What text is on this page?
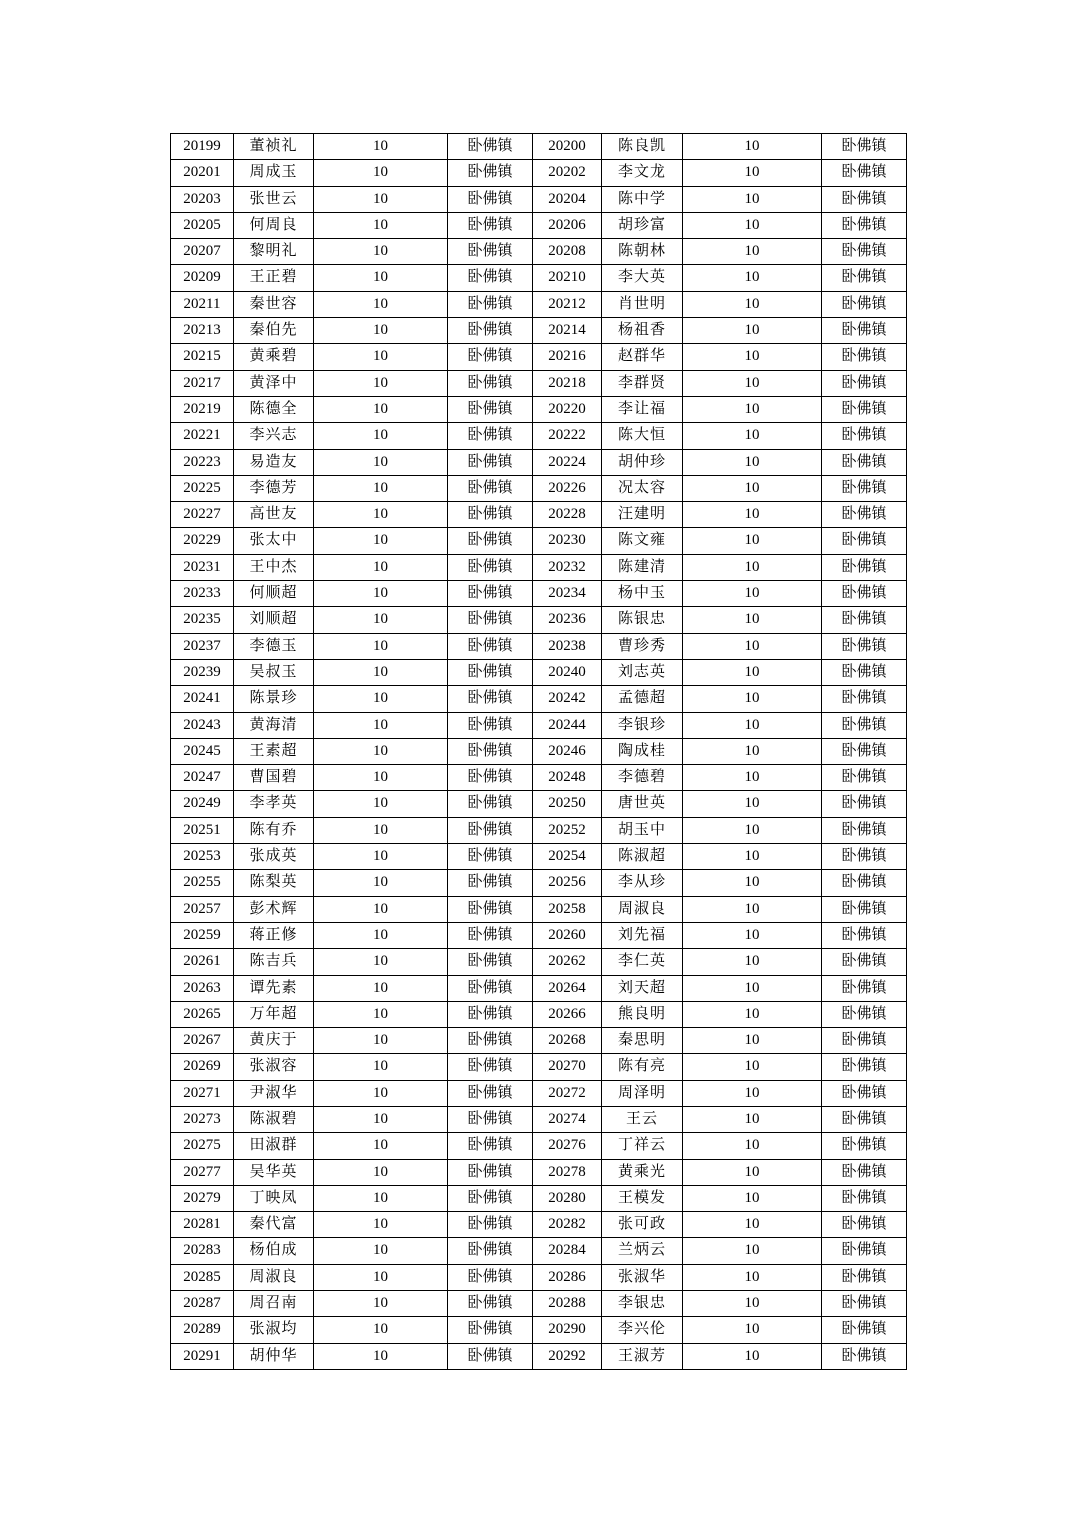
20199	董祯礼	10	卧佛镇	20200	陈良凯	10	卧佛镇
20201	周成玉	10	卧佛镇	20202	李文龙	10	卧佛镇
20203	张世云	10	卧佛镇	20204	陈中学	10	卧佛镇
20205	何周良	10	卧佛镇	20206	胡珍富	10	卧佛镇
20207	黎明礼	10	卧佛镇	20208	陈朝林	10	卧佛镇
20209	王正碧	10	卧佛镇	20210	李大英	10	卧佛镇
20211	秦世容	10	卧佛镇	20212	肖世明	10	卧佛镇
20213	秦伯先	10	卧佛镇	20214	杨祖香	10	卧佛镇
20215	黄乘碧	10	卧佛镇	20216	赵群华	10	卧佛镇
20217	黄泽中	10	卧佛镇	20218	李群贤	10	卧佛镇
20219	陈德全	10	卧佛镇	20220	李让福	10	卧佛镇
20221	李兴志	10	卧佛镇	20222	陈大恒	10	卧佛镇
20223	易造友	10	卧佛镇	20224	胡仲珍	10	卧佛镇
20225	李德芳	10	卧佛镇	20226	况太容	10	卧佛镇
20227	高世友	10	卧佛镇	20228	汪建明	10	卧佛镇
20229	张太中	10	卧佛镇	20230	陈文雍	10	卧佛镇
20231	王中杰	10	卧佛镇	20232	陈建清	10	卧佛镇
20233	何顺超	10	卧佛镇	20234	杨中玉	10	卧佛镇
20235	刘顺超	10	卧佛镇	20236	陈银忠	10	卧佛镇
20237	李德玉	10	卧佛镇	20238	曹珍秀	10	卧佛镇
20239	吴叔玉	10	卧佛镇	20240	刘志英	10	卧佛镇
20241	陈景珍	10	卧佛镇	20242	孟德超	10	卧佛镇
20243	黄海清	10	卧佛镇	20244	李银珍	10	卧佛镇
20245	王素超	10	卧佛镇	20246	陶成桂	10	卧佛镇
20247	曹国碧	10	卧佛镇	20248	李德碧	10	卧佛镇
20249	李孝英	10	卧佛镇	20250	唐世英	10	卧佛镇
20251	陈有乔	10	卧佛镇	20252	胡玉中	10	卧佛镇
20253	张成英	10	卧佛镇	20254	陈淑超	10	卧佛镇
20255	陈梨英	10	卧佛镇	20256	李从珍	10	卧佛镇
20257	彭术辉	10	卧佛镇	20258	周淑良	10	卧佛镇
20259	蒋正修	10	卧佛镇	20260	刘先福	10	卧佛镇
20261	陈吉兵	10	卧佛镇	20262	李仁英	10	卧佛镇
20263	谭先素	10	卧佛镇	20264	刘天超	10	卧佛镇
20265	万年超	10	卧佛镇	20266	熊良明	10	卧佛镇
20267	黄庆于	10	卧佛镇	20268	秦思明	10	卧佛镇
20269	张淑容	10	卧佛镇	20270	陈有亮	10	卧佛镇
20271	尹淑华	10	卧佛镇	20272	周泽明	10	卧佛镇
20273	陈淑碧	10	卧佛镇	20274	王云	10	卧佛镇
20275	田淑群	10	卧佛镇	20276	丁祥云	10	卧佛镇
20277	吴华英	10	卧佛镇	20278	黄乘光	10	卧佛镇
20279	丁映凤	10	卧佛镇	20280	王模发	10	卧佛镇
20281	秦代富	10	卧佛镇	20282	张可政	10	卧佛镇
20283	杨伯成	10	卧佛镇	20284	兰炳云	10	卧佛镇
20285	周淑良	10	卧佛镇	20286	张淑华	10	卧佛镇
20287	周召南	10	卧佛镇	20288	李银忠	10	卧佛镇
20289	张淑均	10	卧佛镇	20290	李兴伦	10	卧佛镇
20291	胡仲华	10	卧佛镇	20292	王淑芳	10	卧佛镇
